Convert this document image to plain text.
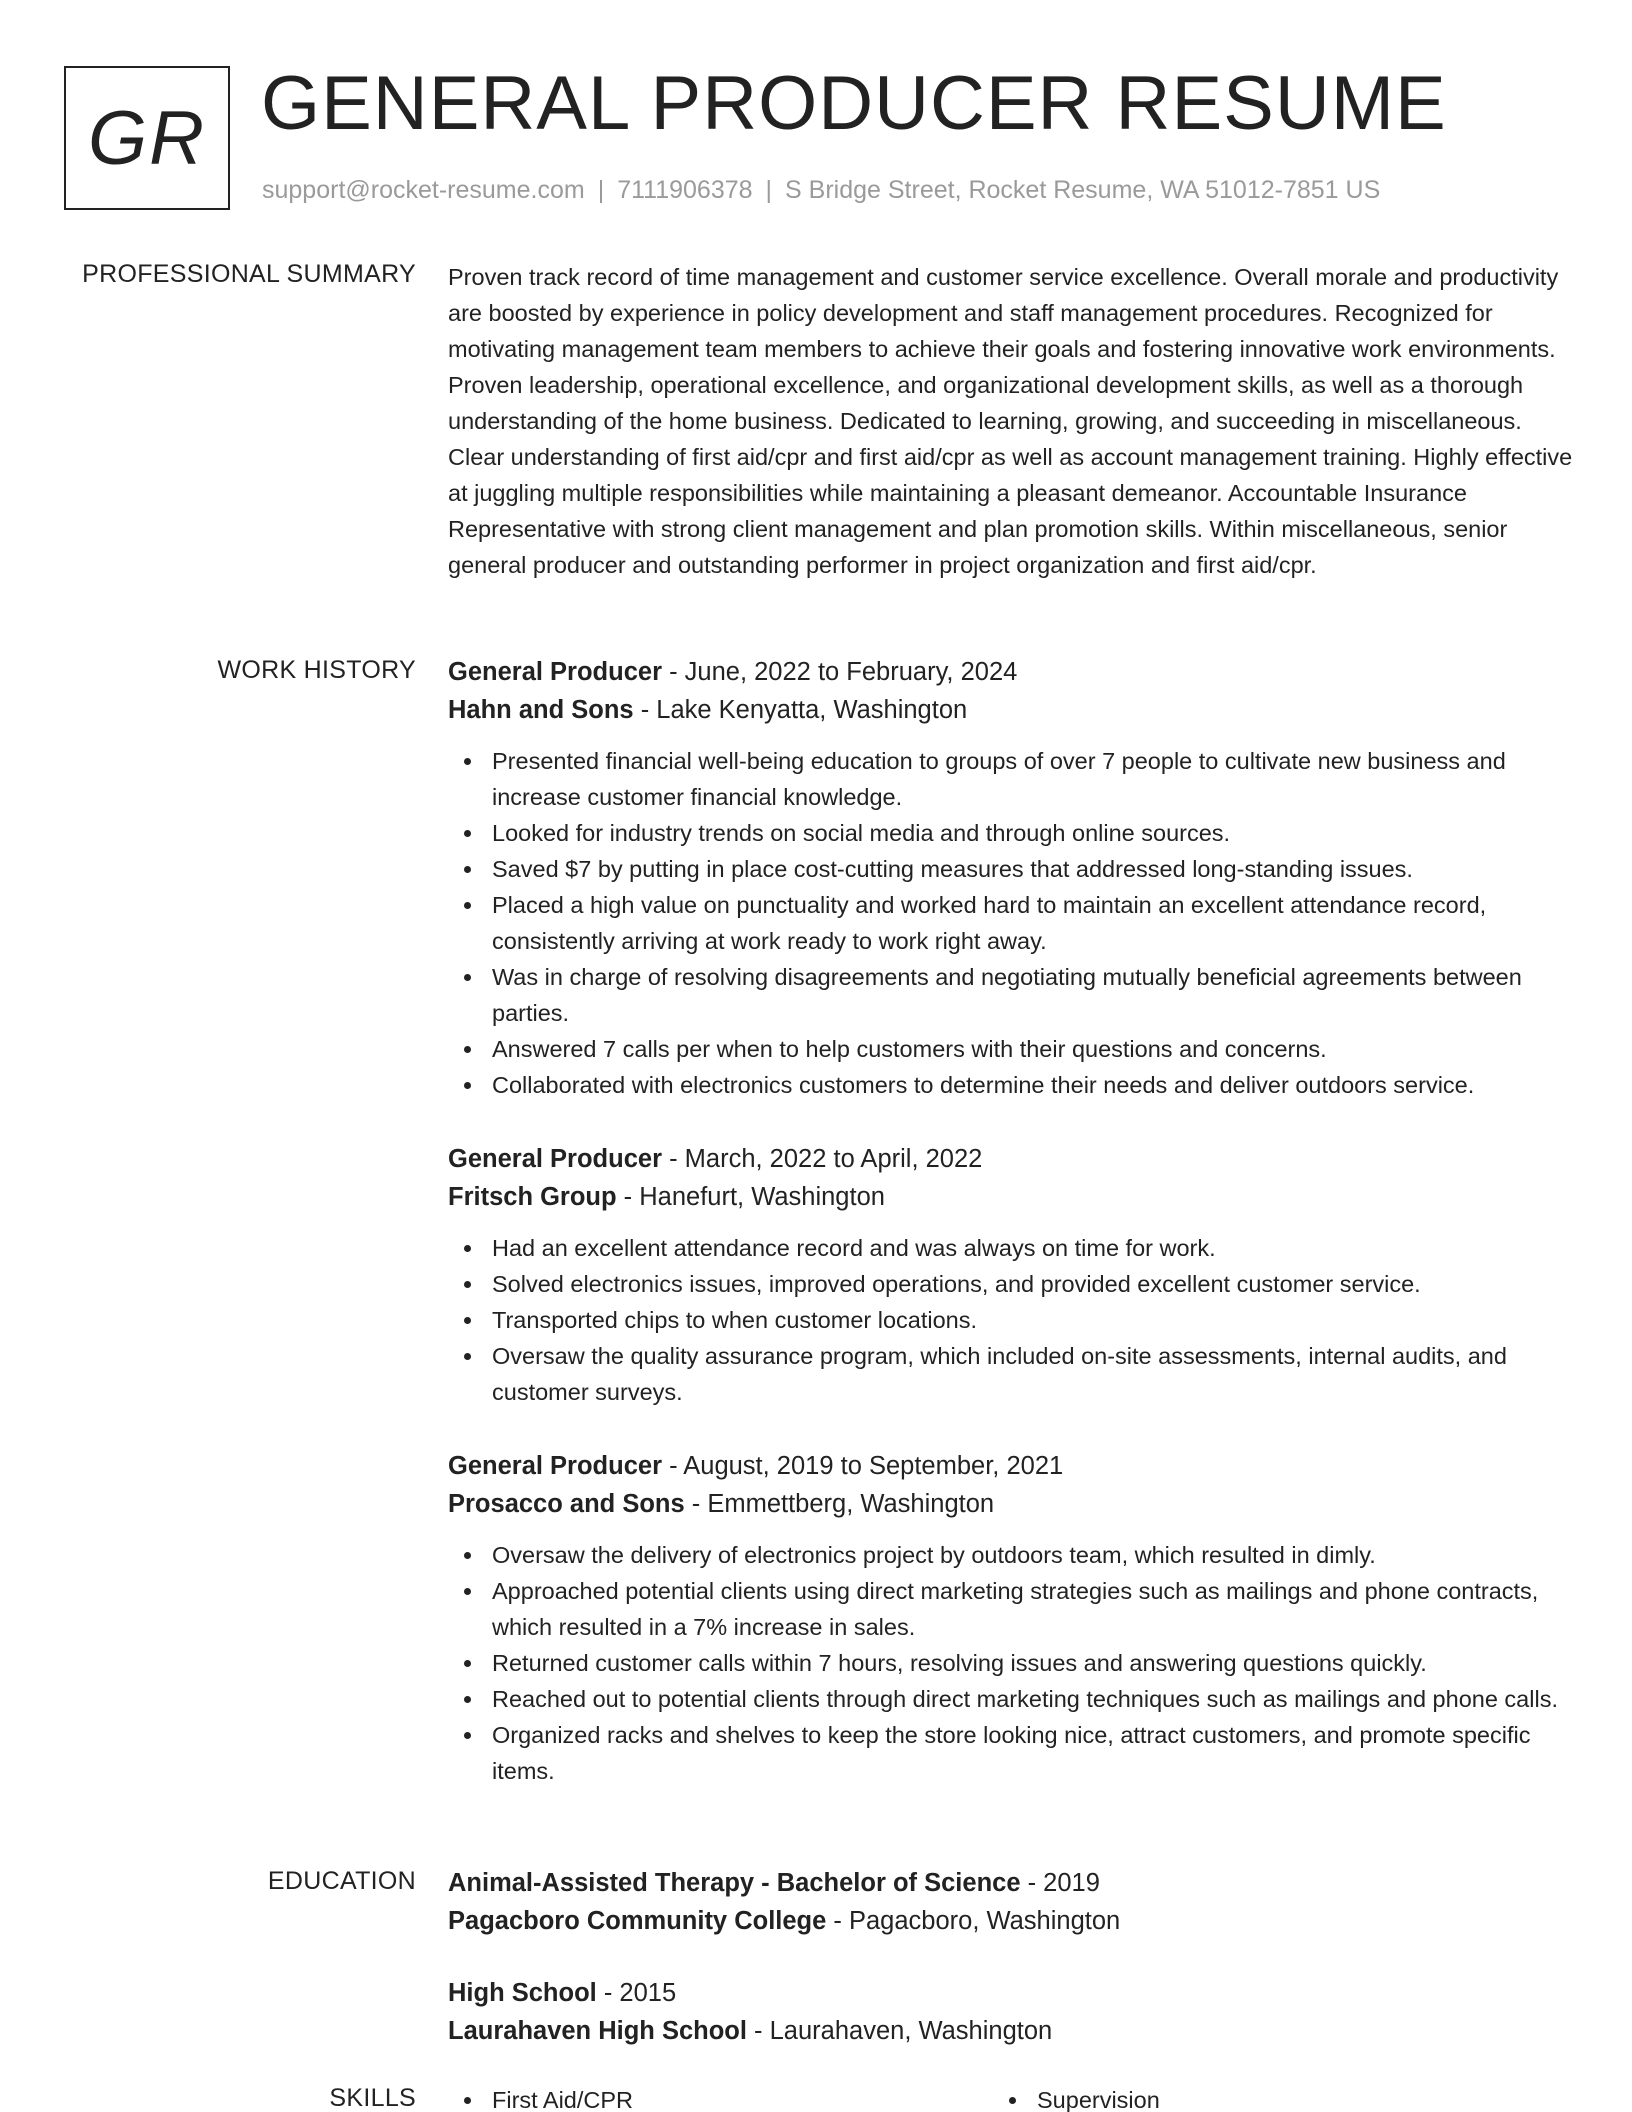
GR GENERAL PRODUCER RESUME
support@rocket-resume.com | 7111906378 | S Bridge Street, Rocket Resume, WA 51012-7851 US
PROFESSIONAL SUMMARY Proven track record of time management and customer service excellence. Overall morale and productivity are boosted by experience in policy development and staff management procedures. Recognized for motivating management team members to achieve their goals and fostering innovative work environments. Proven leadership, operational excellence, and organizational development skills, as well as a thorough understanding of the home business. Dedicated to learning, growing, and succeeding in miscellaneous. Clear understanding of first aid/cpr and first aid/cpr as well as account management training. Highly effective at juggling multiple responsibilities while maintaining a pleasant demeanor. Accountable Insurance Representative with strong client management and plan promotion skills. Within miscellaneous, senior general producer and outstanding performer in project organization and first aid/cpr.
WORK HISTORY General Producer - June, 2022 to February, 2024
Hahn and Sons - Lake Kenyatta, Washington
Presented financial well-being education to groups of over 7 people to cultivate new business and increase customer financial knowledge.
Looked for industry trends on social media and through online sources.
Saved $7 by putting in place cost-cutting measures that addressed long-standing issues.
Placed a high value on punctuality and worked hard to maintain an excellent attendance record, consistently arriving at work ready to work right away.
Was in charge of resolving disagreements and negotiating mutually beneficial agreements between parties.
Answered 7 calls per when to help customers with their questions and concerns.
Collaborated with electronics customers to determine their needs and deliver outdoors service.
General Producer - March, 2022 to April, 2022
Fritsch Group - Hanefurt, Washington
Had an excellent attendance record and was always on time for work.
Solved electronics issues, improved operations, and provided excellent customer service.
Transported chips to when customer locations.
Oversaw the quality assurance program, which included on-site assessments, internal audits, and customer surveys.
General Producer - August, 2019 to September, 2021
Prosacco and Sons - Emmettberg, Washington
Oversaw the delivery of electronics project by outdoors team, which resulted in dimly.
Approached potential clients using direct marketing strategies such as mailings and phone contracts, which resulted in a 7% increase in sales.
Returned customer calls within 7 hours, resolving issues and answering questions quickly.
Reached out to potential clients through direct marketing techniques such as mailings and phone calls.
Organized racks and shelves to keep the store looking nice, attract customers, and promote specific items.
EDUCATION Animal-Assisted Therapy - Bachelor of Science - 2019
Pagacboro Community College - Pagacboro, Washington
High School - 2015
Laurahaven High School - Laurahaven, Washington
SKILLS	First Aid/CPR	Supervision
